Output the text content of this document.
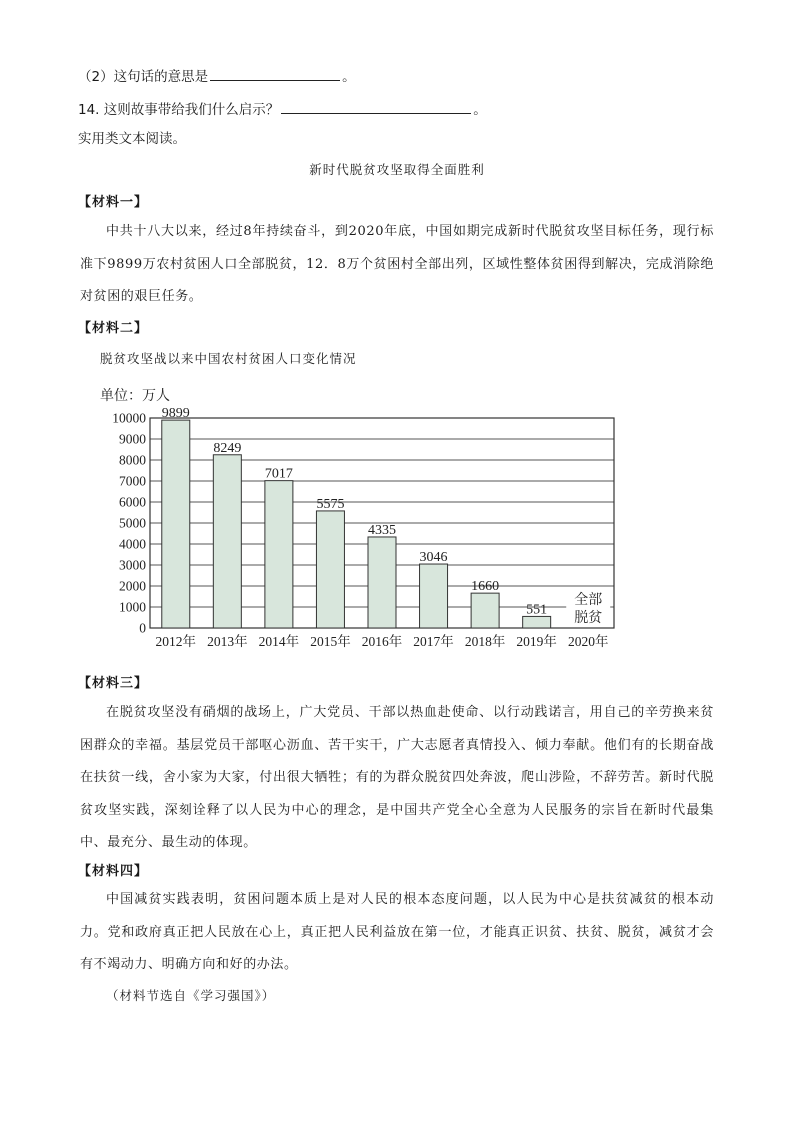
（2）这句话的意思是	。
14. 这则故事带给我们什么启示？	。
实用类文本阅读。
新时代脱贫攻坚取得全面胜利
【材料一】
中共十八大以来，经过8年持续奋斗，到2020年底，中国如期完成新时代脱贫攻坚目标任务，现行标准下9899万农村贫困人口全部脱贫，12．8万个贫困村全部出列，区域性整体贫困得到解决，完成消除绝对贫困的艰巨任务。
【材料二】
脱贫攻坚战以来中国农村贫困人口变化情况
单位：万人
0
1000
2000
3000
4000
5000
6000
7000
8000
9000
10000 9899
2012年
8249
2013年
7017
2014年
5575
2015年
4335
2016年
3046
2017年
1660
2018年
551
2019年 2020年
全部
脱贫
【材料三】
在脱贫攻坚没有硝烟的战场上，广大党员、干部以热血赴使命、以行动践诺言，用自己的辛劳换来贫困群众的幸福。基层党员干部呕心沥血、苦干实干，广大志愿者真情投入、倾力奉献。他们有的长期奋战在扶贫一线，舍小家为大家，付出很大牺牲；有的为群众脱贫四处奔波，爬山涉险，不辞劳苦。新时代脱贫攻坚实践，深刻诠释了以人民为中心的理念，是中国共产党全心全意为人民服务的宗旨在新时代最集中、最充分、最生动的体现。
【材料四】
中国减贫实践表明，贫困问题本质上是对人民的根本态度问题，以人民为中心是扶贫减贫的根本动力。党和政府真正把人民放在心上，真正把人民利益放在第一位，才能真正识贫、扶贫、脱贫，减贫才会有不竭动力、明确方向和好的办法。
（材料节选自《学习强国》）
